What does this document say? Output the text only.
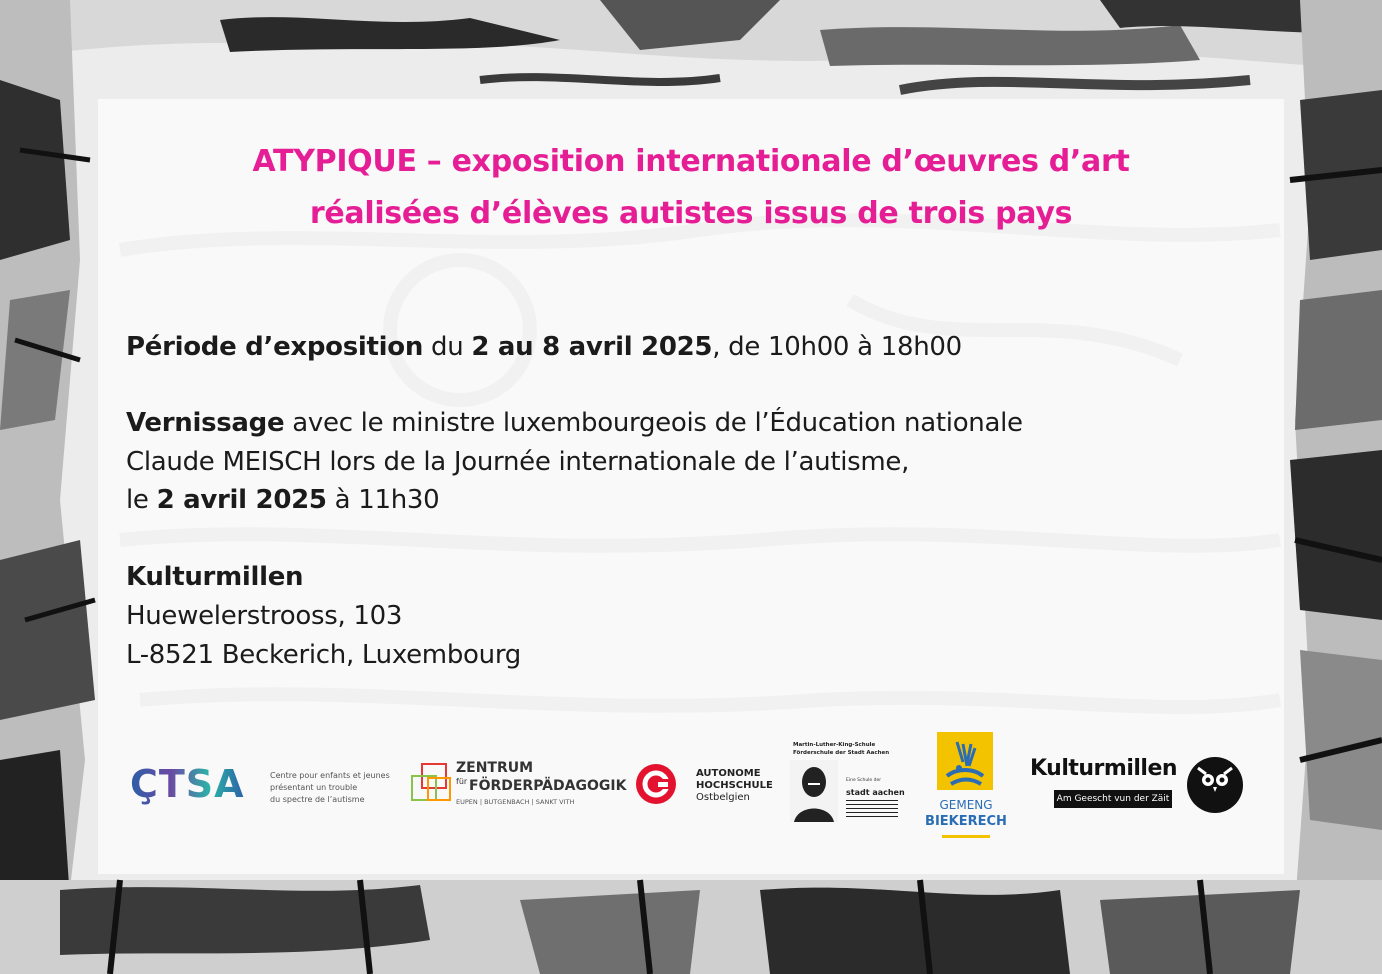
ATYPIQUE – exposition internationale d’œuvres d’art
réalisées d’élèves autistes issus de trois pays
Période d’exposition du 2 au 8 avril 2025, de 10h00 à 18h00
Vernissage avec le ministre luxembourgeois de l’Éducation nationale
Claude MEISCH lors de la Journée internationale de l’autisme,
le 2 avril 2025 à 11h30
Kulturmillen
Huewelerstrooss, 103
L-8521 Beckerich, Luxembourg
ÇTSA	Centre pour enfants et jeunes
présentant un trouble
du spectre de l’autisme
ZENTRUM
für FÖRDERPÄDAGOGIK
EUPEN | BUTGENBACH | SANKT VITH
AUTONOME
HOCHSCHULE
Ostbelgien
Martin-Luther-King-Schule
Förderschule der Stadt Aachen
Eine Schule der
stadt aachen
GEMENG
BIEKERECH
Kulturmillen
Am Geescht vun der Zäit
